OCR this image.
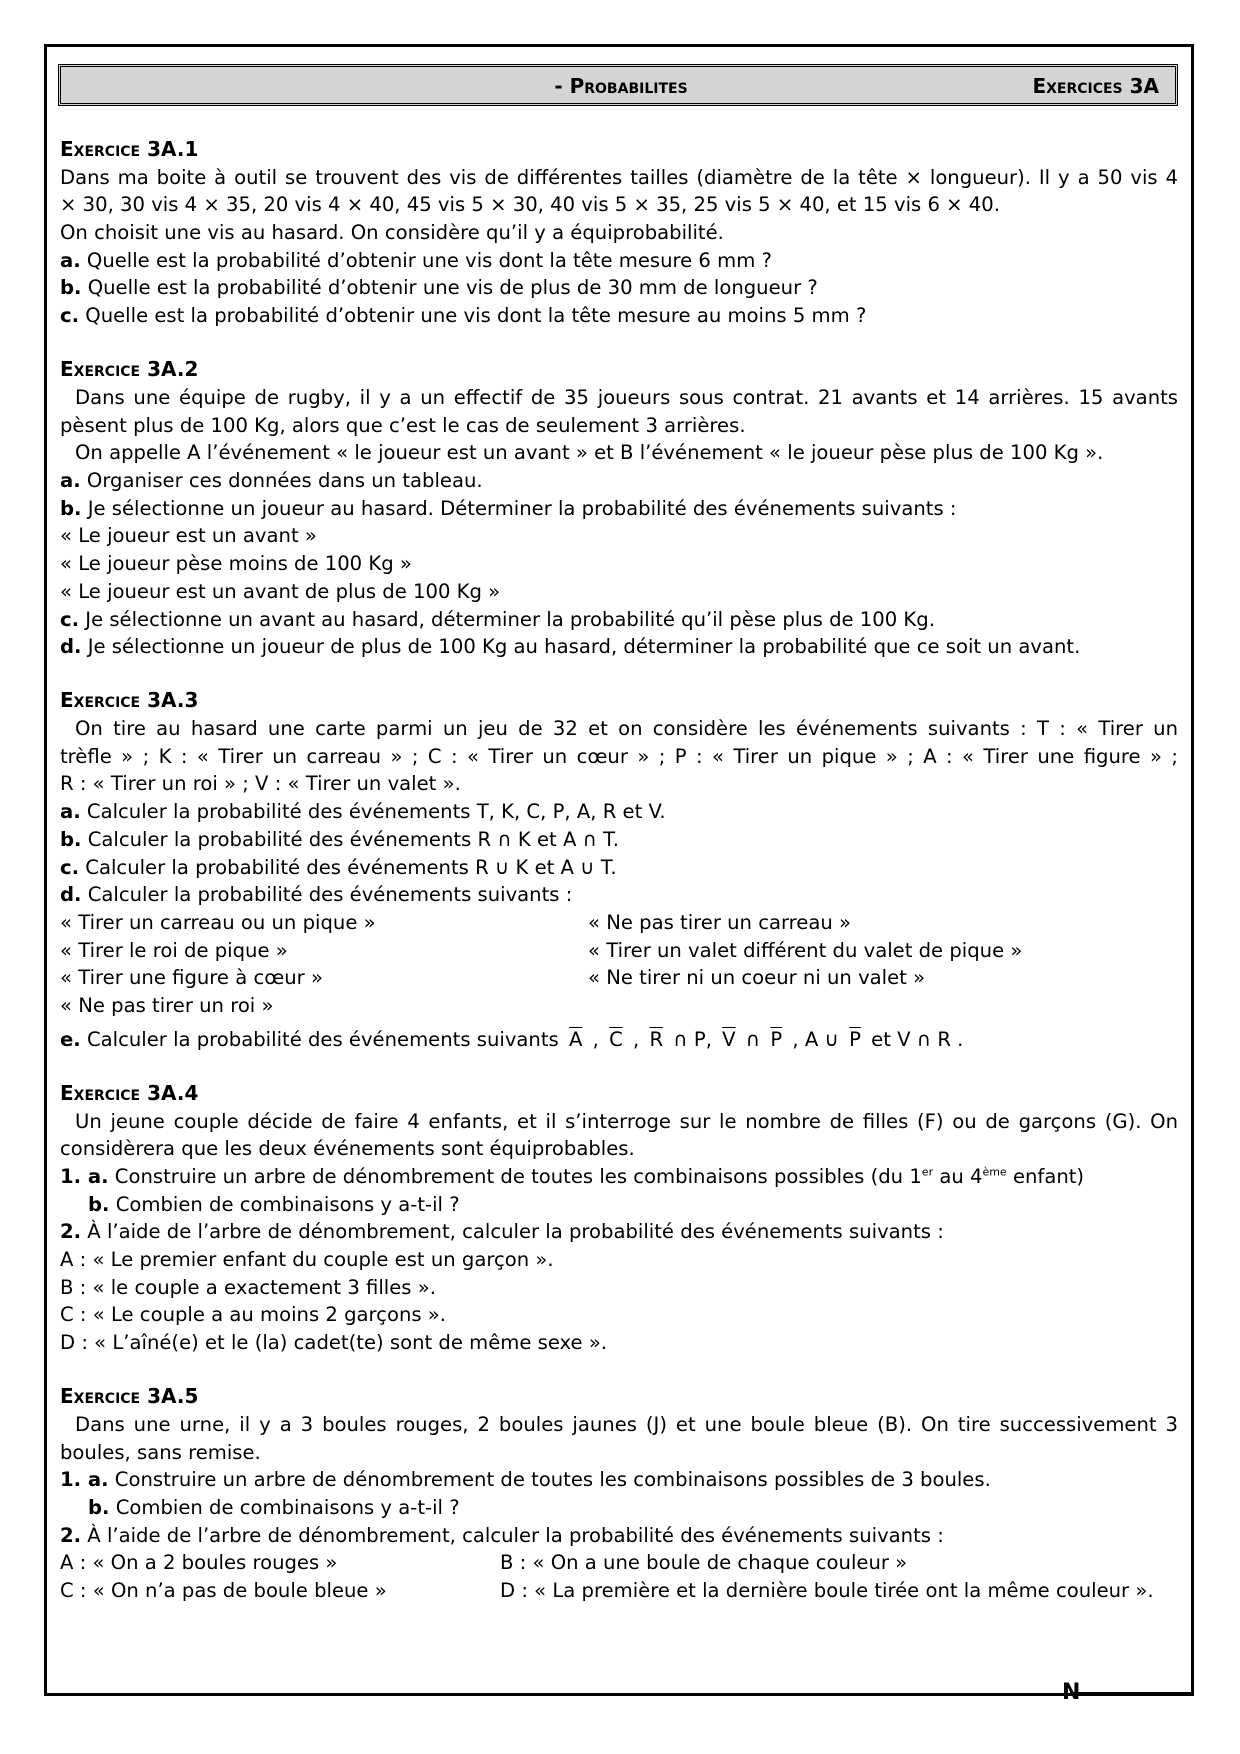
N
- Probabilites	Exercices 3A
Exercice 3A.1
Dans ma boite à outil se trouvent des vis de différentes tailles (diamètre de la tête × longueur). Il y a 50 vis 4
× 30, 30 vis 4 × 35, 20 vis 4 × 40, 45 vis 5 × 30, 40 vis 5 × 35, 25 vis 5 × 40, et 15 vis 6 × 40.
On choisit une vis au hasard. On considère qu’il y a équiprobabilité.
a. Quelle est la probabilité d’obtenir une vis dont la tête mesure 6 mm ?
b. Quelle est la probabilité d’obtenir une vis de plus de 30 mm de longueur ?
c. Quelle est la probabilité d’obtenir une vis dont la tête mesure au moins 5 mm ?
Exercice 3A.2
Dans une équipe de rugby, il y a un effectif de 35 joueurs sous contrat. 21 avants et 14 arrières. 15 avants
pèsent plus de 100 Kg, alors que c’est le cas de seulement 3 arrières.
On appelle A l’événement « le joueur est un avant » et B l’événement « le joueur pèse plus de 100 Kg ».
a. Organiser ces données dans un tableau.
b. Je sélectionne un joueur au hasard. Déterminer la probabilité des événements suivants :
« Le joueur est un avant »
« Le joueur pèse moins de 100 Kg »
« Le joueur est un avant de plus de 100 Kg »
c. Je sélectionne un avant au hasard, déterminer la probabilité qu’il pèse plus de 100 Kg.
d. Je sélectionne un joueur de plus de 100 Kg au hasard, déterminer la probabilité que ce soit un avant.
Exercice 3A.3
On tire au hasard une carte parmi un jeu de 32 et on considère les événements suivants : T : « Tirer un
trèfle » ; K : « Tirer un carreau » ; C : « Tirer un cœur » ; P : « Tirer un pique » ; A : « Tirer une figure » ;
R : « Tirer un roi » ; V : « Tirer un valet ».
a. Calculer la probabilité des événements T, K, C, P, A, R et V.
b. Calculer la probabilité des événements R ∩ K et A ∩ T.
c. Calculer la probabilité des événements R ∪ K et A ∪ T.
d. Calculer la probabilité des événements suivants :
« Tirer un carreau ou un pique »	« Ne pas tirer un carreau »
« Tirer le roi de pique »	« Tirer un valet différent du valet de pique »
« Tirer une figure à cœur »	« Ne tirer ni un coeur ni un valet »
« Ne pas tirer un roi »
e. Calculer la probabilité des événements suivants $\overline{A}$ , $\overline{C}$ , $\overline{R}$ ∩ P, $\overline{V}$ ∩ $\overline{P}$ , A ∪ $\overline{P}$ et V ∩ R .
Exercice 3A.4
Un jeune couple décide de faire 4 enfants, et il s’interroge sur le nombre de filles (F) ou de garçons (G). On
considèrera que les deux événements sont équiprobables.
1. a. Construire un arbre de dénombrement de toutes les combinaisons possibles (du 1er au 4ème enfant)
b. Combien de combinaisons y a-t-il ?
2. À l’aide de l’arbre de dénombrement, calculer la probabilité des événements suivants :
A : « Le premier enfant du couple est un garçon ».
B : « le couple a exactement 3 filles ».
C : « Le couple a au moins 2 garçons ».
D : « L’aîné(e) et le (la) cadet(te) sont de même sexe ».
Exercice 3A.5
Dans une urne, il y a 3 boules rouges, 2 boules jaunes (J) et une boule bleue (B). On tire successivement 3
boules, sans remise.
1. a. Construire un arbre de dénombrement de toutes les combinaisons possibles de 3 boules.
b. Combien de combinaisons y a-t-il ?
2. À l’aide de l’arbre de dénombrement, calculer la probabilité des événements suivants :
A : « On a 2 boules rouges »	B : « On a une boule de chaque couleur »
C : « On n’a pas de boule bleue »	D : « La première et la dernière boule tirée ont la même couleur ».
